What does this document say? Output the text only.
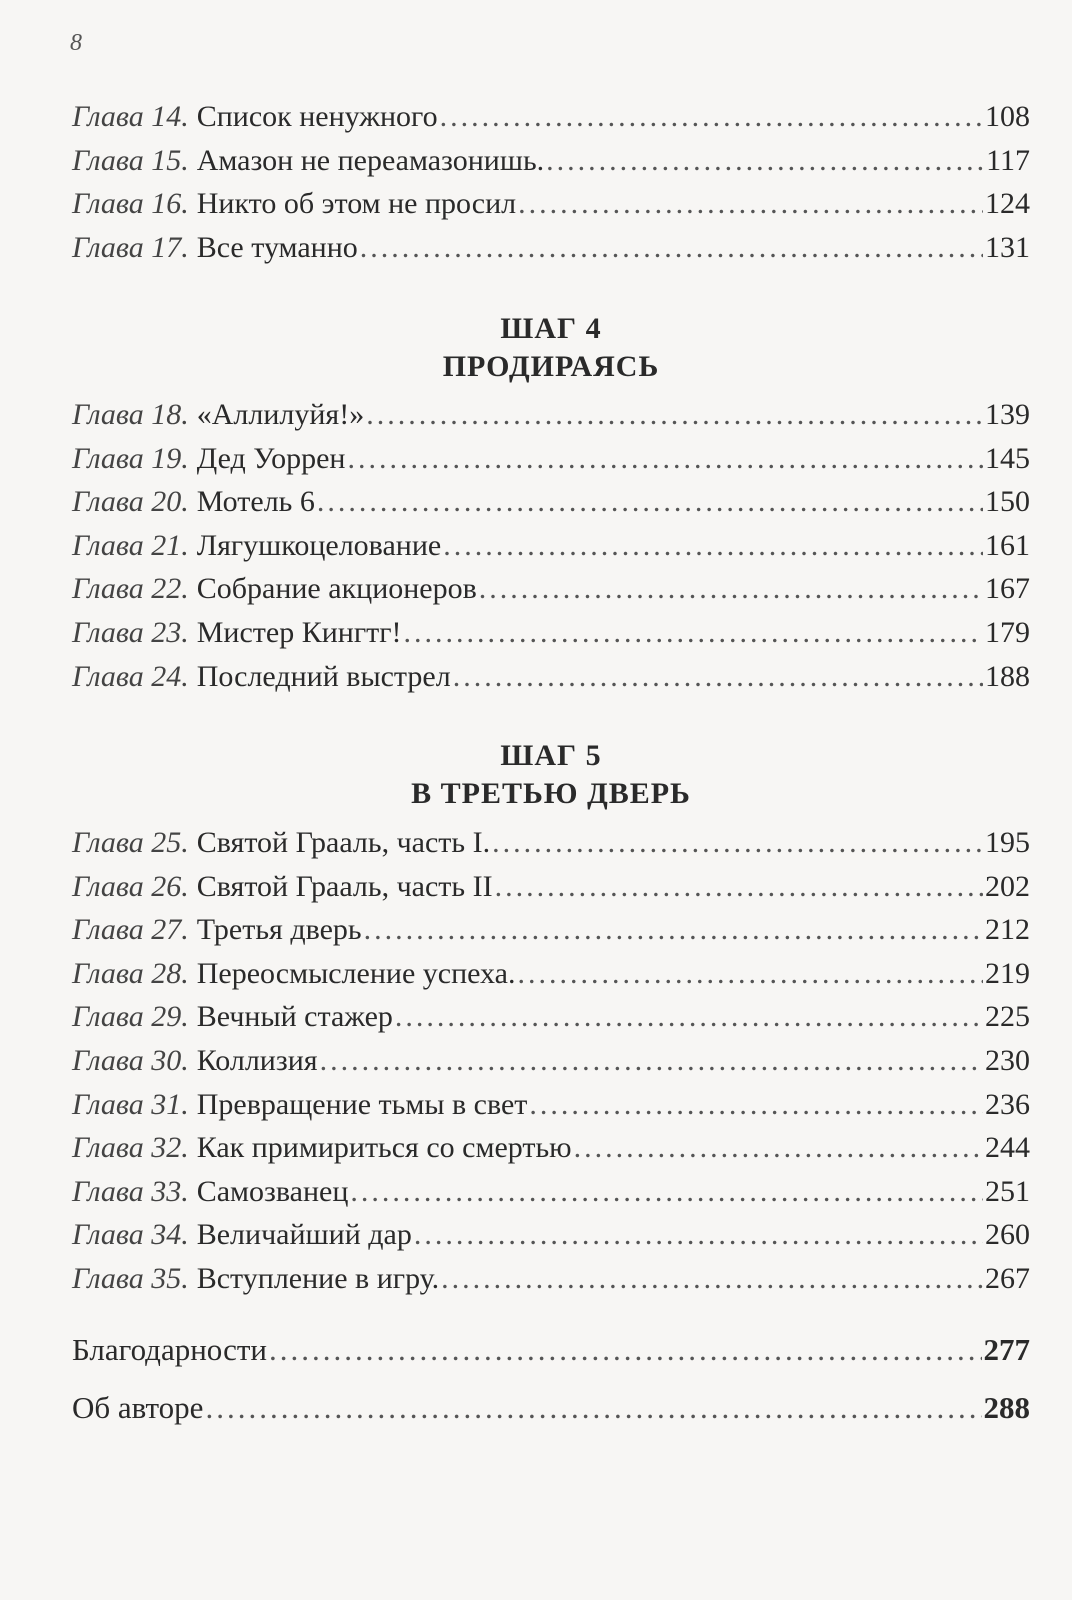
8
Глава 14. Список ненужного .....	108
Глава 15. Амазон не переамазонишь. .....	117
Глава 16. Никто об этом не просил .....	124
Глава 17. Все туманно .....	131
ШАГ 4
ПРОДИРАЯСЬ
Глава 18. «Аллилуйя!» .....	139
Глава 19. Дед Уоррен .....	145
Глава 20. Мотель 6 .....	150
Глава 21. Лягушкоцелование .....	161
Глава 22. Собрание акционеров .....	167
Глава 23. Мистер Кингтг! .....	179
Глава 24. Последний выстрел .....	188
ШАГ 5
В ТРЕТЬЮ ДВЕРЬ
Глава 25. Святой Грааль, часть I. .....	195
Глава 26. Святой Грааль, часть II .....	202
Глава 27. Третья дверь .....	212
Глава 28. Переосмысление успеха. .....	219
Глава 29. Вечный стажер .....	225
Глава 30. Коллизия .....	230
Глава 31. Превращение тьмы в свет .....	236
Глава 32. Как примириться со смертью .....	244
Глава 33. Самозванец .....	251
Глава 34. Величайший дар .....	260
Глава 35. Вступление в игру. .....	267
Благодарности .....	277
Об авторе .....	288
